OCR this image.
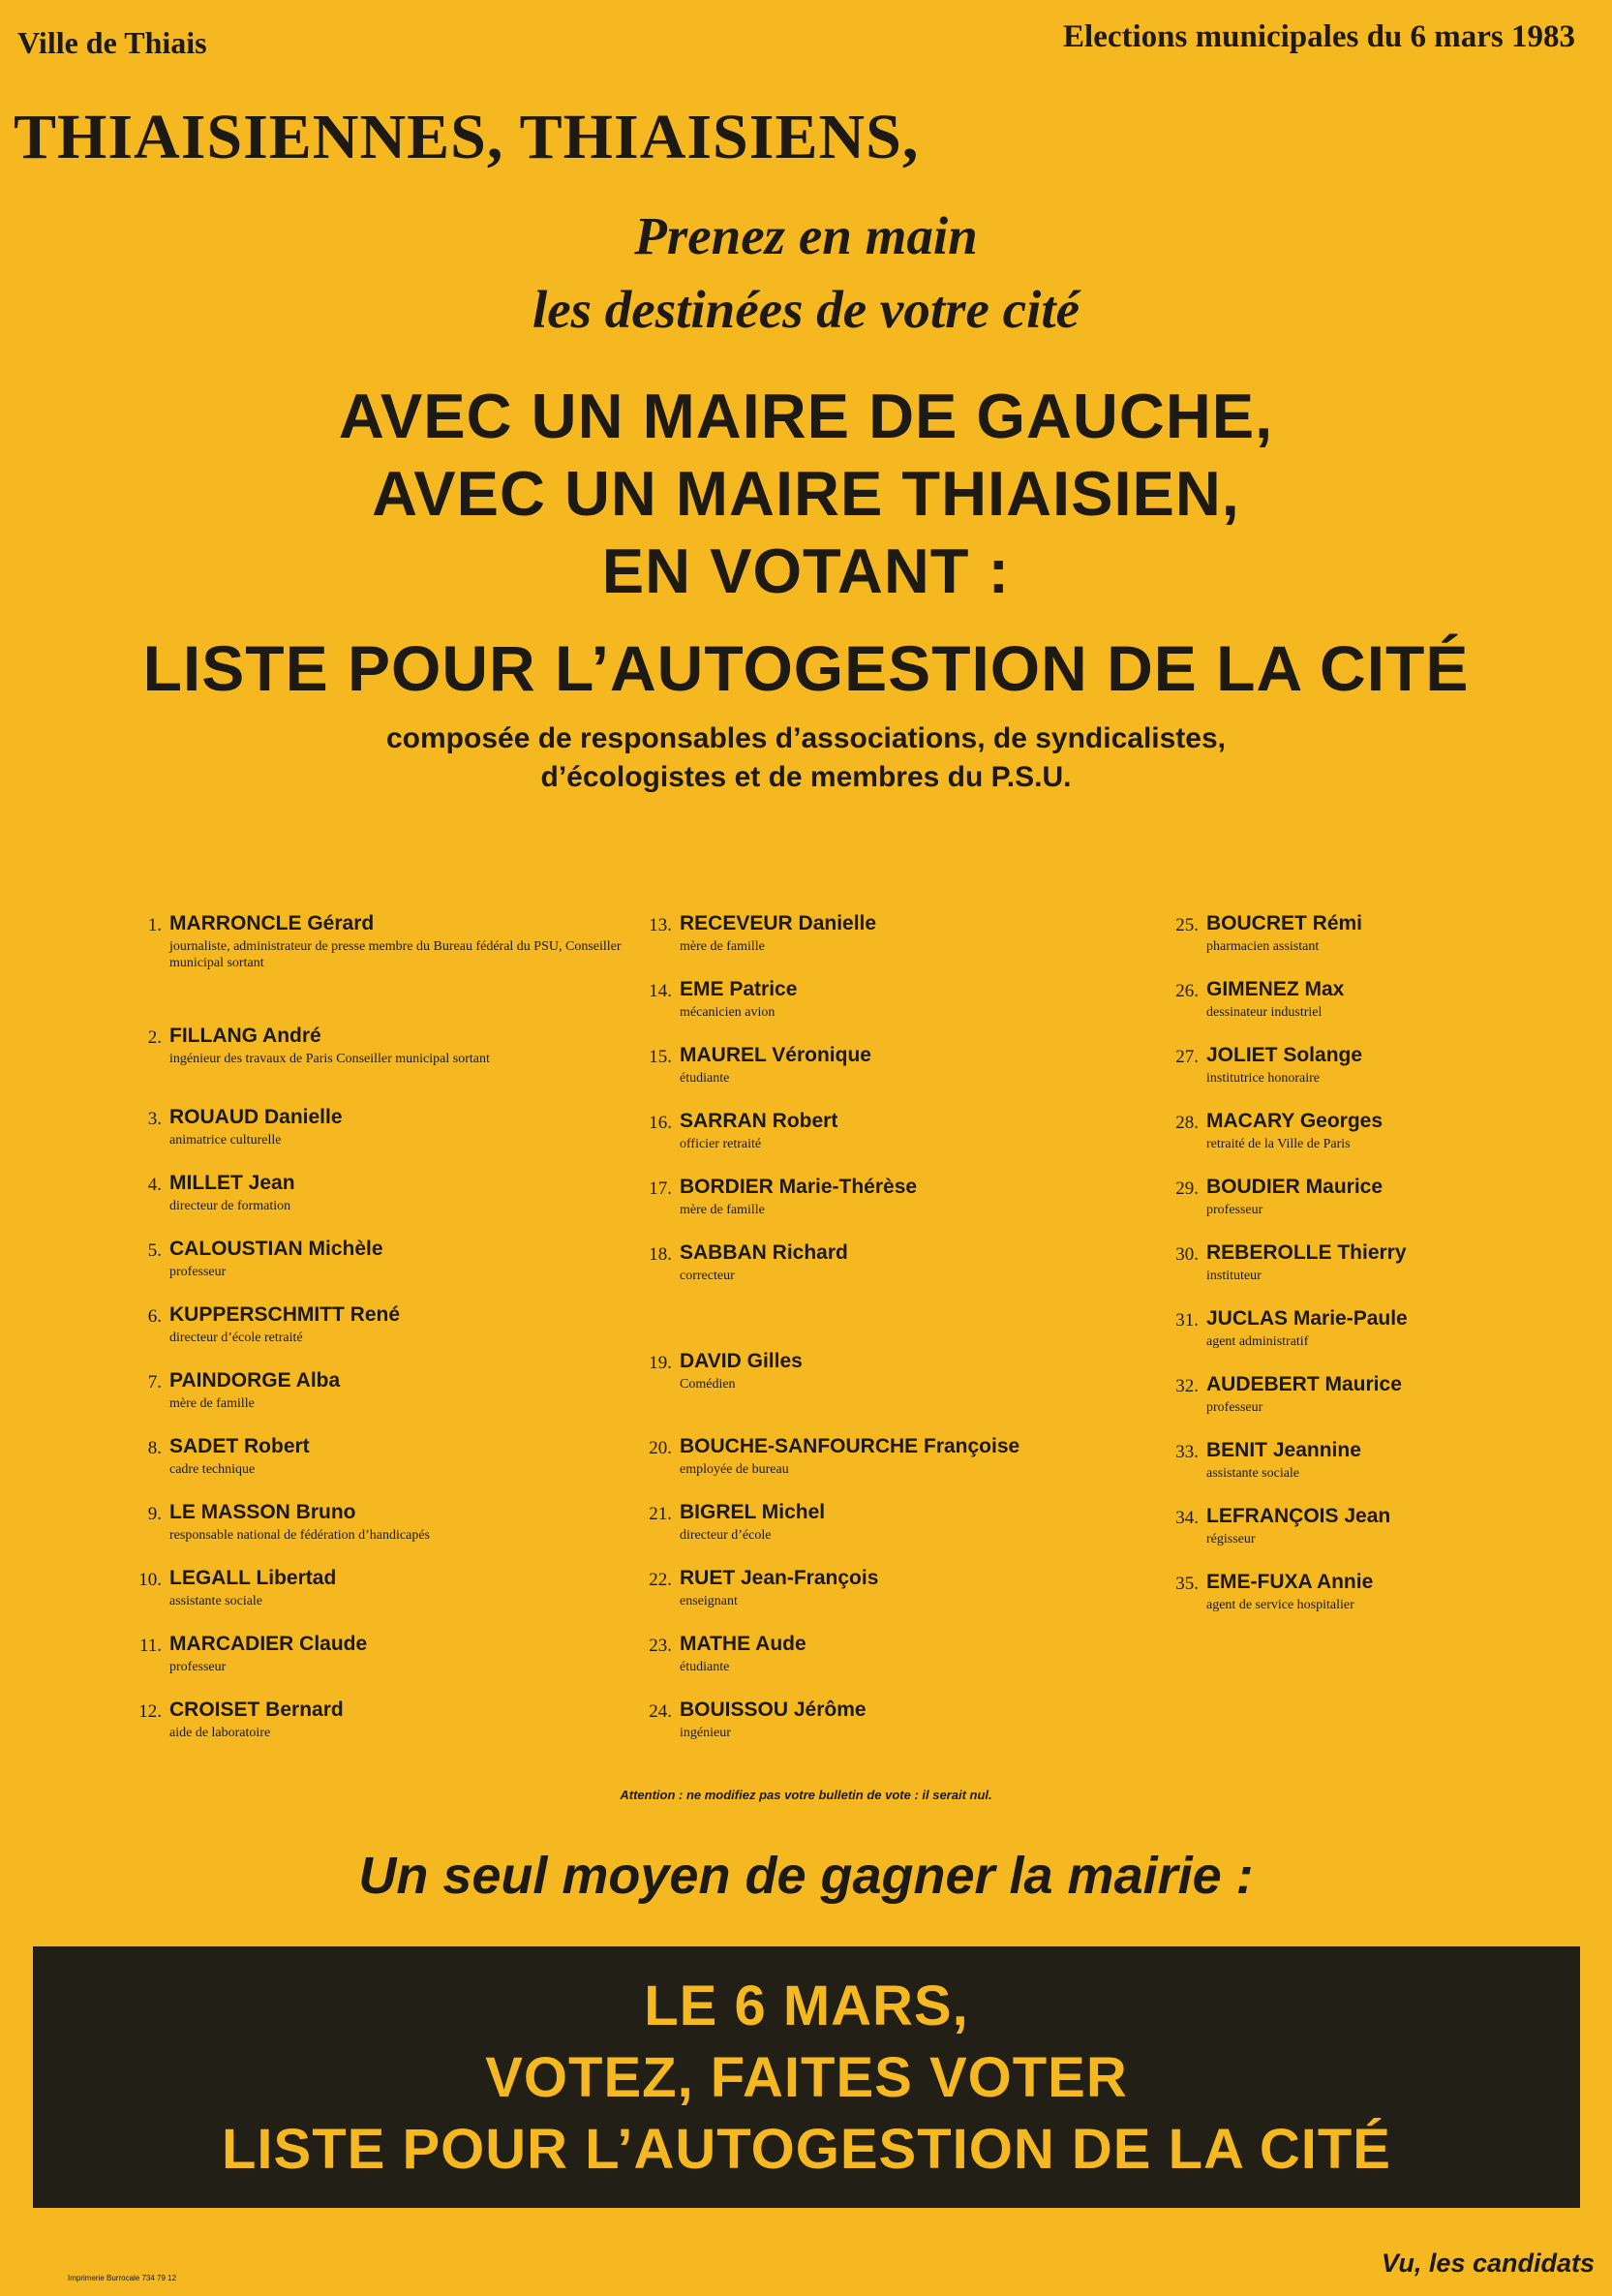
Ville de Thiais	Elections municipales du 6 mars 1983
THIAISIENNES, THIAISIENS,
Prenez en main
les destinées de votre cité
AVEC UN MAIRE DE GAUCHE,
AVEC UN MAIRE THIAISIEN,
EN VOTANT :
LISTE POUR L’AUTOGESTION DE LA CITÉ
composée de responsables d’associations, de syndicalistes,
d’écologistes et de membres du P.S.U.
1. MARRONCLE Gérard
journaliste, administrateur de presse membre du Bureau fédéral du PSU, Conseiller municipal sortant
2. FILLANG André
ingénieur des travaux de Paris Conseiller municipal sortant
3. ROUAUD Danielle
animatrice culturelle
4. MILLET Jean
directeur de formation
5. CALOUSTIAN Michèle
professeur
6. KUPPERSCHMITT René
directeur d’école retraité
7. PAINDORGE Alba
mère de famille
8. SADET Robert
cadre technique
9. LE MASSON Bruno
responsable national de fédération d’handicapés
10. LEGALL Libertad
assistante sociale
11. MARCADIER Claude
professeur
12. CROISET Bernard
aide de laboratoire
13. RECEVEUR Danielle
mère de famille
14. EME Patrice
mécanicien avion
15. MAUREL Véronique
étudiante
16. SARRAN Robert
officier retraité
17. BORDIER Marie-Thérèse
mère de famille
18. SABBAN Richard
correcteur
19. DAVID Gilles
Comédien
20. BOUCHE-SANFOURCHE Françoise
employée de bureau
21. BIGREL Michel
directeur d’école
22. RUET Jean-François
enseignant
23. MATHE Aude
étudiante
24. BOUISSOU Jérôme
ingénieur
25. BOUCRET Rémi
pharmacien assistant
26. GIMENEZ Max
dessinateur industriel
27. JOLIET Solange
institutrice honoraire
28. MACARY Georges
retraité de la Ville de Paris
29. BOUDIER Maurice
professeur
30. REBEROLLE Thierry
instituteur
31. JUCLAS Marie-Paule
agent administratif
32. AUDEBERT Maurice
professeur
33. BENIT Jeannine
assistante sociale
34. LEFRANÇOIS Jean
régisseur
35. EME-FUXA Annie
agent de service hospitalier
Attention : ne modifiez pas votre bulletin de vote : il serait nul.
Un seul moyen de gagner la mairie :
LE 6 MARS,
VOTEZ, FAITES VOTER
LISTE POUR L’AUTOGESTION DE LA CITÉ
Imprimerie Burrocale 734 79 12
Vu, les candidats
